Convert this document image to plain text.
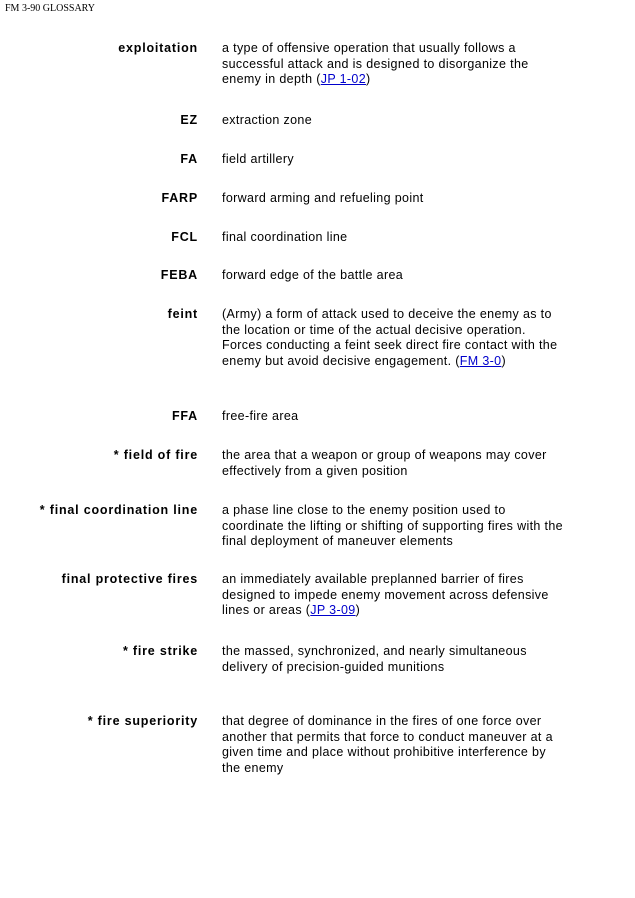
FM 3-90 GLOSSARY
exploitation a type of offensive operation that usually follows a successful attack and is designed to disorganize the enemy in depth (JP 1-02)
EZ extraction zone
FA field artillery
FARP forward arming and refueling point
FCL final coordination line
FEBA forward edge of the battle area
feint (Army) a form of attack used to deceive the enemy as to the location or time of the actual decisive operation. Forces conducting a feint seek direct fire contact with the enemy but avoid decisive engagement. (FM 3-0)
FFA free-fire area
* field of fire the area that a weapon or group of weapons may cover effectively from a given position
* final coordination line a phase line close to the enemy position used to coordinate the lifting or shifting of supporting fires with the final deployment of maneuver elements
final protective fires an immediately available preplanned barrier of fires designed to impede enemy movement across defensive lines or areas (JP 3-09)
* fire strike the massed, synchronized, and nearly simultaneous delivery of precision-guided munitions
* fire superiority that degree of dominance in the fires of one force over another that permits that force to conduct maneuver at a given time and place without prohibitive interference by the enemy
